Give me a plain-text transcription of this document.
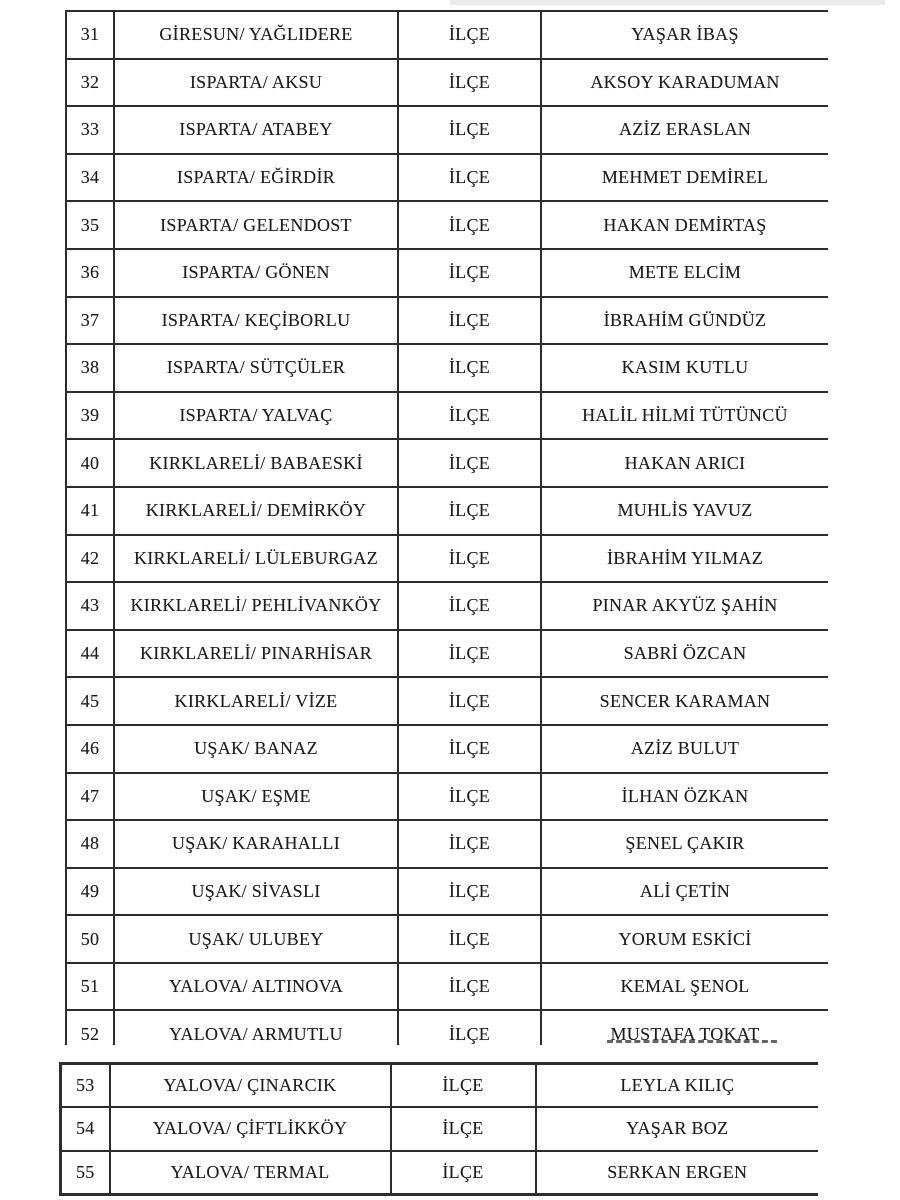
31	GİRESUN/ YAĞLIDERE	İLÇE	YAŞAR İBAŞ
32	ISPARTA/ AKSU	İLÇE	AKSOY KARADUMAN
33	ISPARTA/ ATABEY	İLÇE	AZİZ ERASLAN
34	ISPARTA/ EĞİRDİR	İLÇE	MEHMET DEMİREL
35	ISPARTA/ GELENDOST	İLÇE	HAKAN DEMİRTAŞ
36	ISPARTA/ GÖNEN	İLÇE	METE ELCİM
37	ISPARTA/ KEÇİBORLU	İLÇE	İBRAHİM GÜNDÜZ
38	ISPARTA/ SÜTÇÜLER	İLÇE	KASIM KUTLU
39	ISPARTA/ YALVAÇ	İLÇE	HALİL HİLMİ TÜTÜNCÜ
40	KIRKLARELİ/ BABAESKİ	İLÇE	HAKAN ARICI
41	KIRKLARELİ/ DEMİRKÖY	İLÇE	MUHLİS YAVUZ
42	KIRKLARELİ/ LÜLEBURGAZ	İLÇE	İBRAHİM YILMAZ
43	KIRKLARELİ/ PEHLİVANKÖY	İLÇE	PINAR AKYÜZ ŞAHİN
44	KIRKLARELİ/ PINARHİSAR	İLÇE	SABRİ ÖZCAN
45	KIRKLARELİ/ VİZE	İLÇE	SENCER KARAMAN
46	UŞAK/ BANAZ	İLÇE	AZİZ BULUT
47	UŞAK/ EŞME	İLÇE	İLHAN ÖZKAN
48	UŞAK/ KARAHALLI	İLÇE	ŞENEL ÇAKIR
49	UŞAK/ SİVASLI	İLÇE	ALİ ÇETİN
50	UŞAK/ ULUBEY	İLÇE	YORUM ESKİCİ
51	YALOVA/ ALTINOVA	İLÇE	KEMAL ŞENOL
52	YALOVA/ ARMUTLU	İLÇE	MUSTAFA TOKAT
53	YALOVA/ ÇINARCIK	İLÇE	LEYLA KILIÇ
54	YALOVA/ ÇİFTLİKKÖY	İLÇE	YAŞAR BOZ
55	YALOVA/ TERMAL	İLÇE	SERKAN ERGEN
